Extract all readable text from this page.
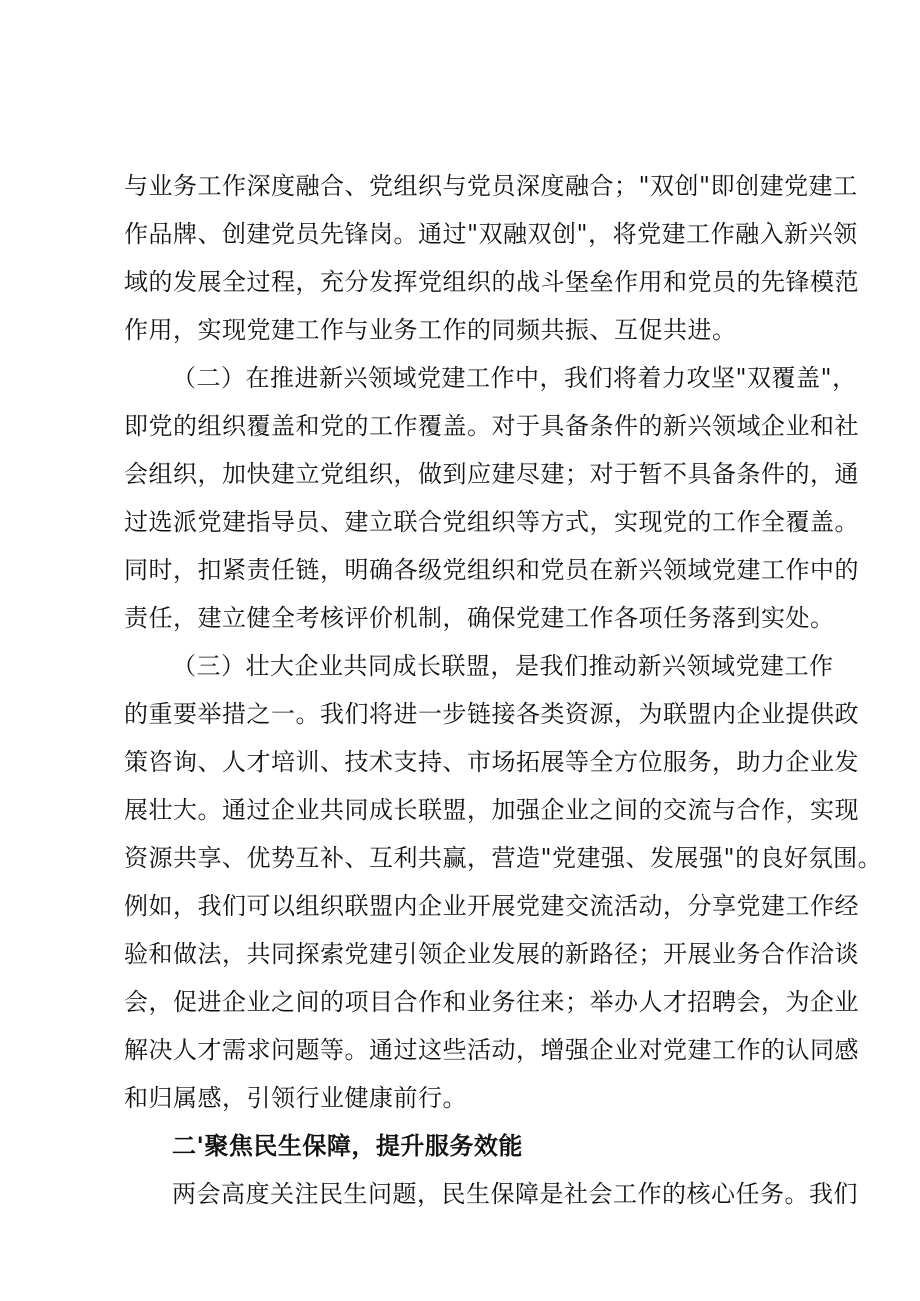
与业务工作深度融合、党组织与党员深度融合；"双创"即创建党建工
作品牌、创建党员先锋岗。通过"双融双创"，将党建工作融入新兴领
域的发展全过程，充分发挥党组织的战斗堡垒作用和党员的先锋模范
作用，实现党建工作与业务工作的同频共振、互促共进。
（二）在推进新兴领域党建工作中，我们将着力攻坚"双覆盖"，
即党的组织覆盖和党的工作覆盖。对于具备条件的新兴领域企业和社
会组织，加快建立党组织，做到应建尽建；对于暂不具备条件的，通
过选派党建指导员、建立联合党组织等方式，实现党的工作全覆盖。
同时，扣紧责任链，明确各级党组织和党员在新兴领域党建工作中的
责任，建立健全考核评价机制，确保党建工作各项任务落到实处。
（三）壮大企业共同成长联盟，是我们推动新兴领域党建工作
的重要举措之一。我们将进一步链接各类资源，为联盟内企业提供政
策咨询、人才培训、技术支持、市场拓展等全方位服务，助力企业发
展壮大。通过企业共同成长联盟，加强企业之间的交流与合作，实现
资源共享、优势互补、互利共赢，营造"党建强、发展强"的良好氛围。
例如，我们可以组织联盟内企业开展党建交流活动，分享党建工作经
验和做法，共同探索党建引领企业发展的新路径；开展业务合作洽谈
会，促进企业之间的项目合作和业务往来；举办人才招聘会，为企业
解决人才需求问题等。通过这些活动，增强企业对党建工作的认同感
和归属感，引领行业健康前行。
二'聚焦民生保障，提升服务效能
两会高度关注民生问题，民生保障是社会工作的核心任务。我们
